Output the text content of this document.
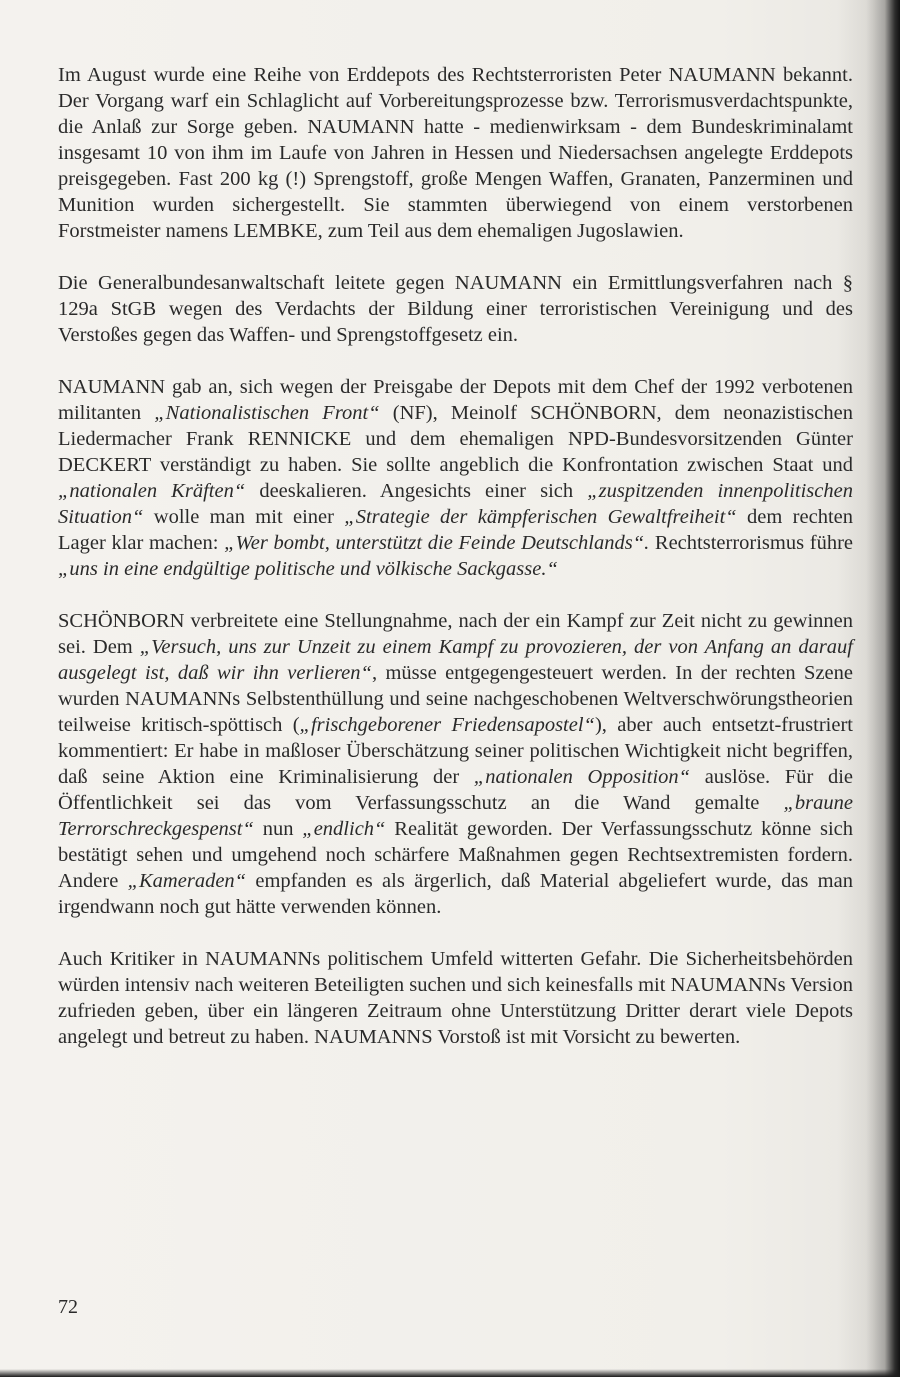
Im August wurde eine Reihe von Erddepots des Rechtsterroristen Peter NAUMANN bekannt. Der Vorgang warf ein Schlaglicht auf Vorbereitungsprozesse bzw. Terrorismusverdachtspunkte, die Anlaß zur Sorge geben. NAUMANN hatte - medienwirksam - dem Bundeskriminalamt insgesamt 10 von ihm im Laufe von Jahren in Hessen und Niedersachsen angelegte Erddepots preisgegeben. Fast 200 kg (!) Sprengstoff, große Mengen Waffen, Granaten, Panzerminen und Munition wurden sichergestellt. Sie stammten überwiegend von einem verstorbenen Forstmeister namens LEMBKE, zum Teil aus dem ehemaligen Jugoslawien.

Die Generalbundesanwaltschaft leitete gegen NAUMANN ein Ermittlungsverfahren nach § 129a StGB wegen des Verdachts der Bildung einer terroristischen Vereinigung und des Verstoßes gegen das Waffen- und Sprengstoffgesetz ein.

NAUMANN gab an, sich wegen der Preisgabe der Depots mit dem Chef der 1992 verbotenen militanten „Nationalistischen Front“ (NF), Meinolf SCHÖNBORN, dem neonazistischen Liedermacher Frank RENNICKE und dem ehemaligen NPD-Bundesvorsitzenden Günter DECKERT verständigt zu haben. Sie sollte angeblich die Konfrontation zwischen Staat und „nationalen Kräften“ deeskalieren. Angesichts einer sich „zuspitzenden innenpolitischen Situation“ wolle man mit einer „Strategie der kämpferischen Gewaltfreiheit“ dem rechten Lager klar machen: „Wer bombt, unterstützt die Feinde Deutschlands“. Rechtsterrorismus führe „uns in eine endgültige politische und völkische Sackgasse.“

SCHÖNBORN verbreitete eine Stellungnahme, nach der ein Kampf zur Zeit nicht zu gewinnen sei. Dem „Versuch, uns zur Unzeit zu einem Kampf zu provozieren, der von Anfang an darauf ausgelegt ist, daß wir ihn verlieren“, müsse entgegengesteuert werden. In der rechten Szene wurden NAUMANNs Selbstenthüllung und seine nachgeschobenen Weltverschwörungstheorien teilweise kritisch-spöttisch („frischgeborener Friedensapostel“), aber auch entsetzt-frustriert kommentiert: Er habe in maßloser Überschätzung seiner politischen Wichtigkeit nicht begriffen, daß seine Aktion eine Kriminalisierung der „nationalen Opposition“ auslöse. Für die Öffentlichkeit sei das vom Verfassungsschutz an die Wand gemalte „braune Terrorschreckgespenst“ nun „endlich“ Realität geworden. Der Verfassungsschutz könne sich bestätigt sehen und umgehend noch schärfere Maßnahmen gegen Rechtsextremisten fordern. Andere „Kameraden“ empfanden es als ärgerlich, daß Material abgeliefert wurde, das man irgendwann noch gut hätte verwenden können.

Auch Kritiker in NAUMANNs politischem Umfeld witterten Gefahr. Die Sicherheitsbehörden würden intensiv nach weiteren Beteiligten suchen und sich keinesfalls mit NAUMANNs Version zufrieden geben, über ein längeren Zeitraum ohne Unterstützung Dritter derart viele Depots angelegt und betreut zu haben. NAUMANNS Vorstoß ist mit Vorsicht zu bewerten.

72
